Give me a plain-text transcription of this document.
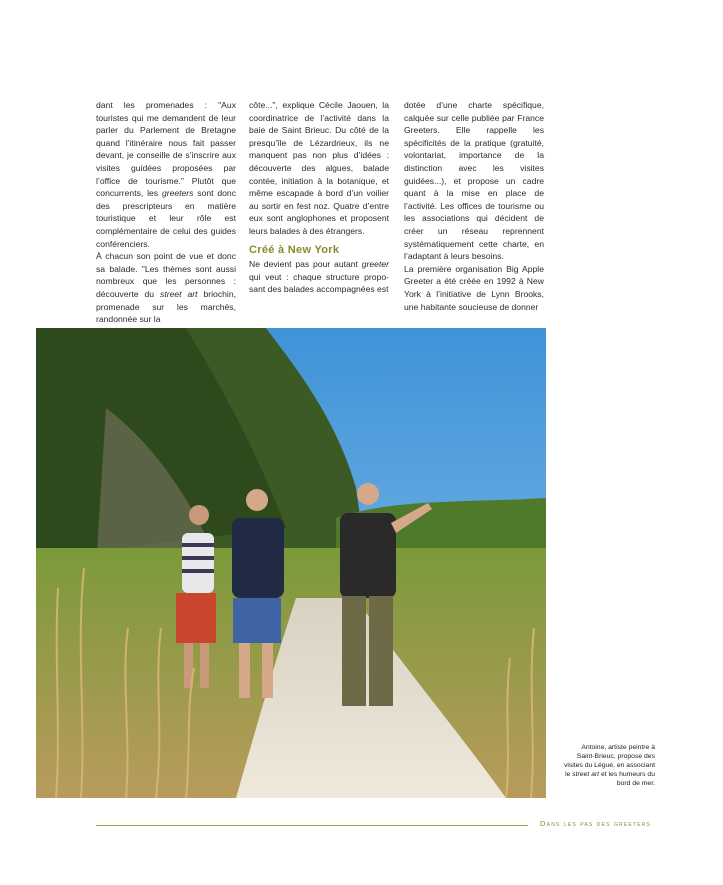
dant les promenades : "Aux touristes qui me demandent de leur parler du Parlement de Bretagne quand l’itinéraire nous fait passer devant, je conseille de s’inscrire aux visites guidées proposées par l’office de tourisme." Plutôt que concurrents, les greeters sont donc des prescripteurs en matière touristique et leur rôle est complémentaire de celui des guides conférenciers.

À chacun son point de vue et donc sa balade. "Les thèmes sont aussi nombreux que les personnes : découverte du street art briochin, promenade sur les marchés, randonnée sur la

côte...", explique Cécile Jaouen, la coordinatrice de l’activité dans la baie de Saint Brieuc. Du côté de la presqu’île de Lézardrieux, ils ne manquent pas non plus d’idées : découverte des algues, balade contée, initiation à la botanique, et même escapade à bord d’un voilier au sortir en fest noz. Quatre d’entre eux sont anglophones et proposent leurs balades à des étrangers.

Créé à New York

Ne devient pas pour autant greeter qui veut : chaque structure propo- sant des balades accompagnées est

dotée d’une charte spécifique, calquée sur celle publiée par France Greeters. Elle rappelle les spécificités de la pratique (gratuité, volontariat, importance de la distinction avec les visites guidées...), et propose un cadre quant à la mise en place de l’activité. Les offices de tourisme ou les associations qui décident de créer un réseau reprennent systématiquement cette charte, en l’adaptant à leurs besoins.

La première organisation Big Apple Greeter a été créée en 1992 à New York à l’initiative de Lynn Brooks, une habitante soucieuse de donner

Antoine, artiste peintre à Saint-Brieuc, propose des visites du Légué, en associant le street art et les humeurs du bord de mer.

Dans les pas des greeters
